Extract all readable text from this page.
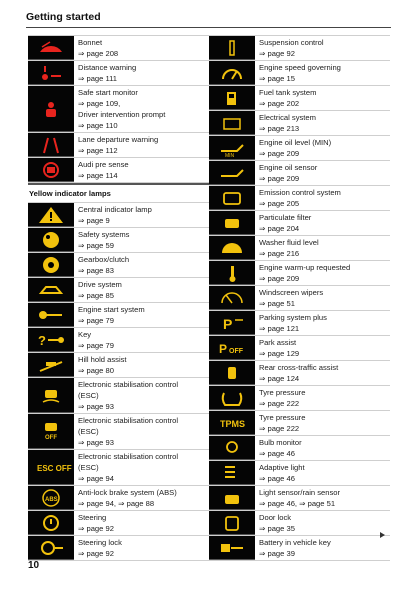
Getting started
Bonnet
⇒ page 208
Distance warning
⇒ page 111
Safe start monitor
⇒ page 109,
Driver intervention prompt
⇒ page 110
Lane departure warning
⇒ page 112
Audi pre sense
⇒ page 114
Yellow indicator lamps
Central indicator lamp
⇒ page 9
Safety systems
⇒ page 59
Gearbox/clutch
⇒ page 83
Drive system
⇒ page 85
Engine start system
⇒ page 79
?	Key
⇒ page 79
Hill hold assist
⇒ page 80
Electronic stabilisation control
(ESC)
⇒ page 93
OFF
Electronic stabilisation control
(ESC)
⇒ page 93
ESC OFF
Electronic stabilisation control
(ESC)
⇒ page 94
ABS
Anti-lock brake system (ABS)
⇒ page 94, ⇒ page 88
Steering
⇒ page 92
Steering lock
⇒ page 92
Suspension control
⇒ page 92
Engine speed governing
⇒ page 15
Fuel tank system
⇒ page 202
Electrical system
⇒ page 213
MIN
Engine oil level (MIN)
⇒ page 209
Engine oil sensor
⇒ page 209
Emission control system
⇒ page 205
Particulate filter
⇒ page 204
Washer fluid level
⇒ page 216
Engine warm-up requested
⇒ page 209
Windscreen wipers
⇒ page 51
P	Parking system plus
⇒ page 121
P OFF
Park assist
⇒ page 129
Rear cross-traffic assist
⇒ page 124
Tyre pressure
⇒ page 222
TPMS
Tyre pressure
⇒ page 222
Bulb monitor
⇒ page 46
Adaptive light
⇒ page 46
Light sensor/rain sensor
⇒ page 46, ⇒ page 51
Door lock
⇒ page 35
Battery in vehicle key
⇒ page 39
10
